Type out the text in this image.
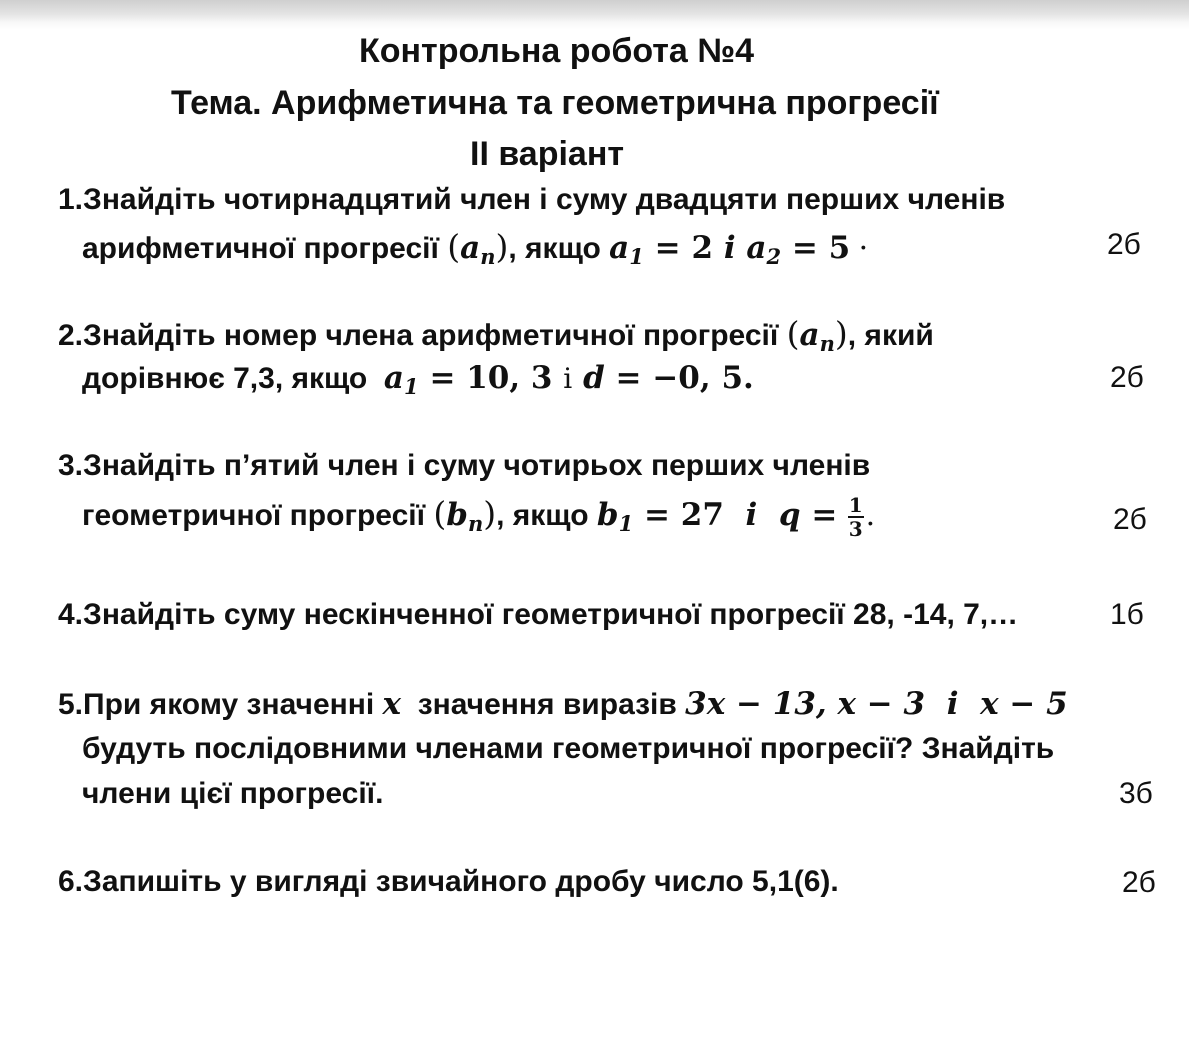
Контрольна робота №4
Тема. Арифметична та геометрична прогресії
ІІ варіант
1.Знайдіть чотирнадцятий член і суму двадцяти перших членів
арифметичної прогресії $(a_n)$, якщо $a_1 = 2$ і $a_2 = 5$ ·	2б
2.Знайдіть номер члена арифметичної прогресії $(a_n)$, який
дорівнює 7,3, якщо $a_1 = 10$, 3 і d = −0, 5.	2б
3.Знайдіть п’ятий член і суму чотирьох перших членів
геометричної прогресії $(b_n)$, якщо $b_1 = 27$ i $q = \frac{1}{3}$ .	2б
4.Знайдіть суму нескінченної геометричної прогресії 28, -14, 7,…	1б
5.При якому значенні x значення виразів 3x − 13, x − 3 i x − 5
будуть послідовними членами геометричної прогресії? Знайдіть
члени цієї прогресії.	3б
6.Запишіть у вигляді звичайного дробу число 5,1(6).	2б
